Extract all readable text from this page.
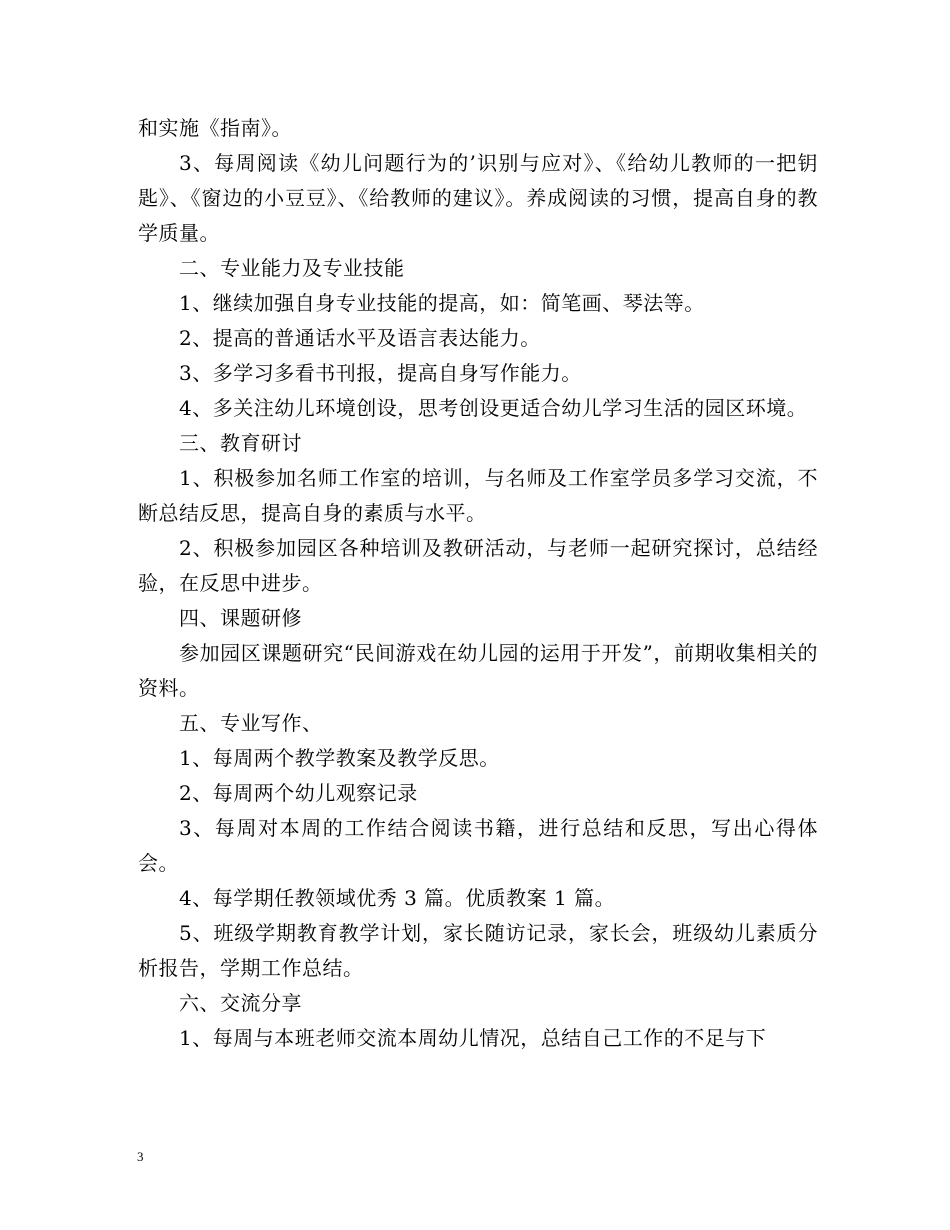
和实施《指南》。

3、每周阅读《幼儿问题行为的’识别与应对》、《给幼儿教师的一把钥匙》、《窗边的小豆豆》、《给教师的建议》。养成阅读的习惯，提高自身的教学质量。

二、专业能力及专业技能

1、继续加强自身专业技能的提高，如：简笔画、琴法等。

2、提高的普通话水平及语言表达能力。

3、多学习多看书刊报，提高自身写作能力。

4、多关注幼儿环境创设，思考创设更适合幼儿学习生活的园区环境。

三、教育研讨

1、积极参加名师工作室的培训，与名师及工作室学员多学习交流，不断总结反思，提高自身的素质与水平。

2、积极参加园区各种培训及教研活动，与老师一起研究探讨，总结经验，在反思中进步。

四、课题研修

参加园区课题研究“民间游戏在幼儿园的运用于开发”，前期收集相关的资料。

五、专业写作、

1、每周两个教学教案及教学反思。

2、每周两个幼儿观察记录

3、每周对本周的工作结合阅读书籍，进行总结和反思，写出心得体会。

4、每学期任教领域优秀 3 篇。优质教案 1 篇。

5、班级学期教育教学计划，家长随访记录，家长会，班级幼儿素质分析报告，学期工作总结。

六、交流分享

1、每周与本班老师交流本周幼儿情况，总结自己工作的不足与下

3
